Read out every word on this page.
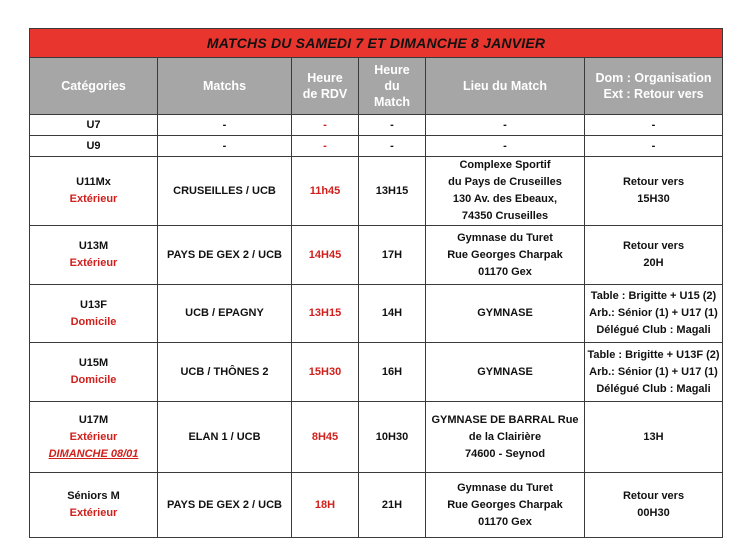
MATCHS DU SAMEDI 7 ET DIMANCHE 8 JANVIER					
Catégories	Matchs	Heure
de RDV	Heure
du
Match	Lieu du Match	Dom : Organisation
Ext : Retour vers

U7	-	-	-	-	-
U9	-	-	-	-	-

U11Mx
Extérieur	CRUSEILLES / UCB	11h45	13H15	Complexe Sportif
du Pays de Cruseilles
130 Av. des Ebeaux,
74350 Cruseilles	Retour vers
15H30

U13M
Extérieur	PAYS DE GEX 2 / UCB	14H45	17H	Gymnase du Turet
Rue Georges Charpak
01170 Gex	Retour vers
20H

U13F
Domicile	UCB / EPAGNY	13H15	14H	GYMNASE	Table : Brigitte + U15 (2)
Arb.: Sénior (1) + U17 (1)
Délégué Club : Magali

U15M
Domicile	UCB / THÔNES 2	15H30	16H	GYMNASE	Table : Brigitte + U13F (2)
Arb.: Sénior (1) + U17 (1)
Délégué Club : Magali

U17M
Extérieur
DIMANCHE 08/01	ELAN 1 / UCB	8H45	10H30	GYMNASE DE BARRAL Rue
de la Clairière
74600 - Seynod	13H

Séniors M
Extérieur	PAYS DE GEX 2 / UCB	18H	21H	Gymnase du Turet
Rue Georges Charpak
01170 Gex	Retour vers
00H30
